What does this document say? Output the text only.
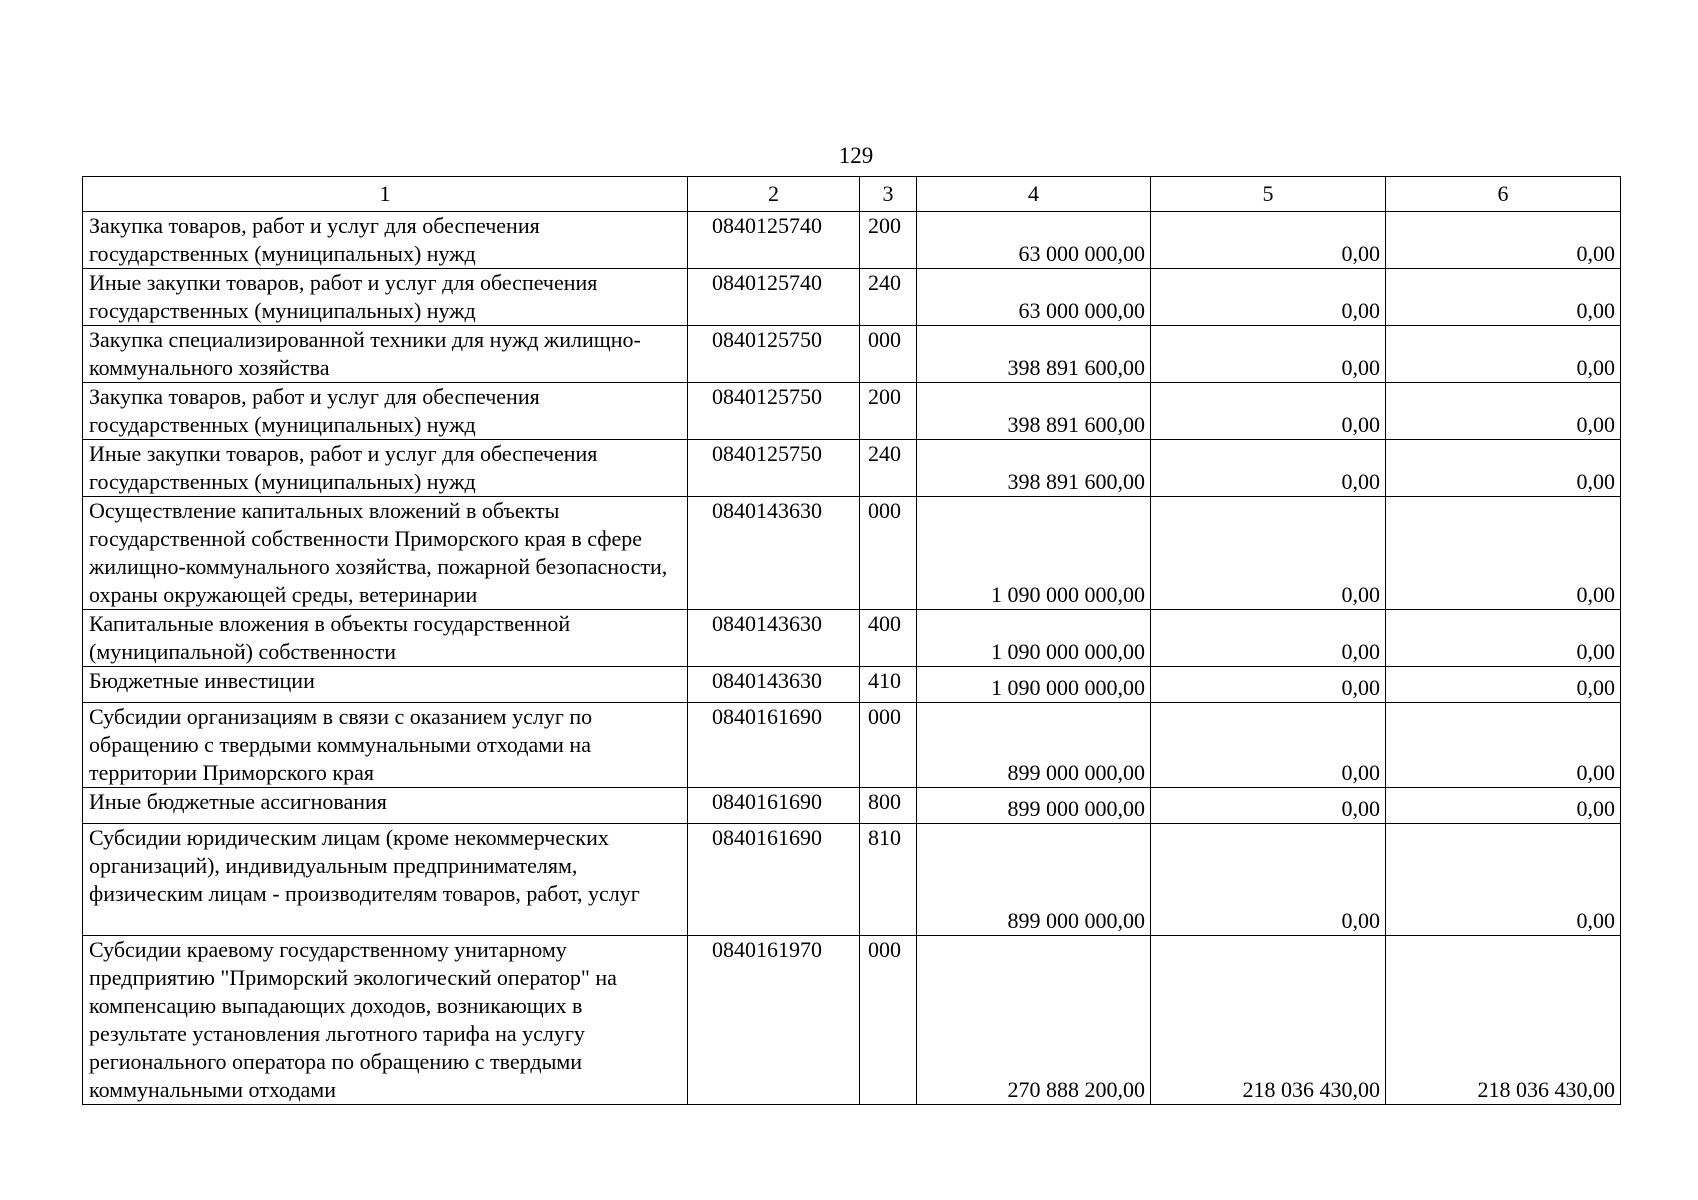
129
1	2	3	4	5	6
Закупка товаров, работ и услуг для обеспечения государственных (муниципальных) нужд	0840125740	200	63 000 000,00	0,00	0,00
Иные закупки товаров, работ и услуг для обеспечения государственных (муниципальных) нужд	0840125740	240	63 000 000,00	0,00	0,00
Закупка специализированной техники для нужд жилищно-коммунального хозяйства	0840125750	000	398 891 600,00	0,00	0,00
Закупка товаров, работ и услуг для обеспечения государственных (муниципальных) нужд	0840125750	200	398 891 600,00	0,00	0,00
Иные закупки товаров, работ и услуг для обеспечения государственных (муниципальных) нужд	0840125750	240	398 891 600,00	0,00	0,00
Осуществление капитальных вложений в объекты государственной собственности Приморского края в сфере жилищно-коммунального хозяйства, пожарной безопасности, охраны окружающей среды, ветеринарии	0840143630	000	1 090 000 000,00	0,00	0,00
Капитальные вложения в объекты государственной (муниципальной) собственности	0840143630	400	1 090 000 000,00	0,00	0,00
Бюджетные инвестиции	0840143630	410	1 090 000 000,00	0,00	0,00
Субсидии организациям в связи с оказанием услуг по обращению с твердыми коммунальными отходами на территории Приморского края	0840161690	000	899 000 000,00	0,00	0,00
Иные бюджетные ассигнования	0840161690	800	899 000 000,00	0,00	0,00
Субсидии юридическим лицам (кроме некоммерческих организаций), индивидуальным предпринимателям, физическим лицам - производителям товаров, работ, услуг	0840161690	810	899 000 000,00	0,00	0,00
Субсидии краевому государственному унитарному предприятию "Приморский экологический оператор" на компенсацию выпадающих доходов, возникающих в результате установления льготного тарифа на услугу регионального оператора по обращению с твердыми коммунальными отходами	0840161970	000	270 888 200,00	218 036 430,00	218 036 430,00
